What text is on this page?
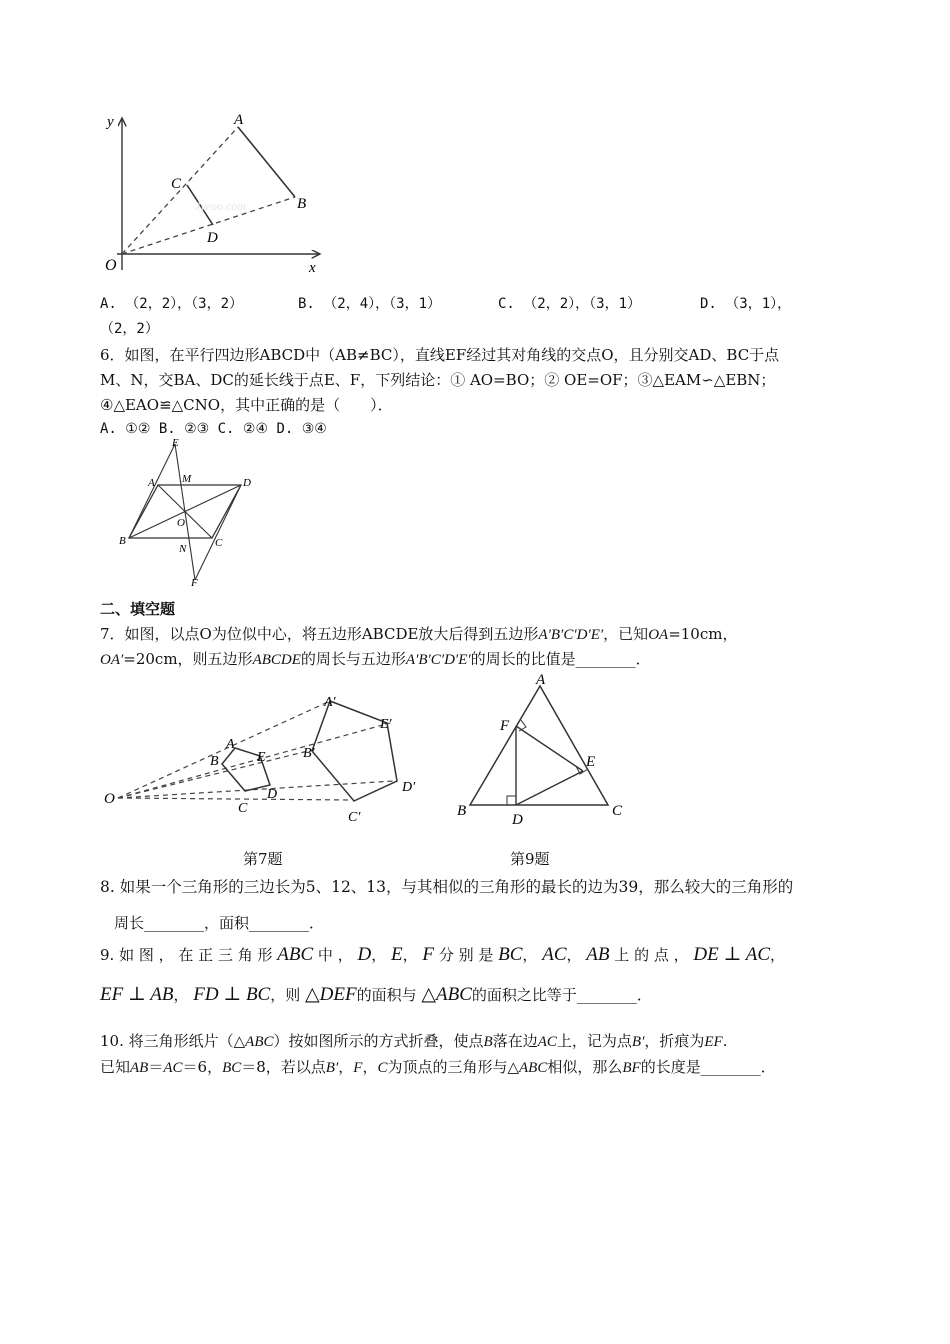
Jyeoo.com
y
x
O
A
B
C
D
A. （2，2），（3，2）	B. （2，4），（3，1）	C. （2，2），（3，1）	D. （3，1），
（2，2）
6．如图，在平行四边形ABCD中（AB≠BC），直线EF经过其对角线的交点O，且分别交AD、BC于点
M、N，交BA、DC的延长线于点E、F，下列结论：① AO=BO；② OE=OF；③△EAM∽△EBN；
④△EAO≌△CNO，其中正确的是（　　）．
A. ①② B. ②③ C. ②④ D. ③④
E
A M	D
O
B
N	C
F
二、填空题
7．如图，以点O为位似中心，将五边形ABCDE放大后得到五边形A′B′C′D′E′，已知OA=10cm，
OA′=20cm，则五边形ABCDE的周长与五边形A′B′C′D′E′的周长的比值是________．
O
A
E
B
C
D
A′
E′
B′
C′
D′
A
F
E
B
D
C
第7题	第9题
8. 如果一个三角形的三边长为5、12、13，与其相似的三角形的最长的边为39，那么较大的三角形的
周长________，面积________．
9. 如 图 ， 在 正 三 角 形 ABC 中 ， D， E， F 分 别 是 BC， AC， AB 上 的 点 ， DE ⊥ AC，
EF ⊥ AB， FD ⊥ BC，则 △DEF的面积与 △ABC的面积之比等于________．
10. 将三角形纸片（△ABC）按如图所示的方式折叠，使点B落在边AC上，记为点B′，折痕为EF.
已知AB＝AC＝6，BC＝8，若以点B′，F，C为顶点的三角形与△ABC相似，那么BF的长度是________．
